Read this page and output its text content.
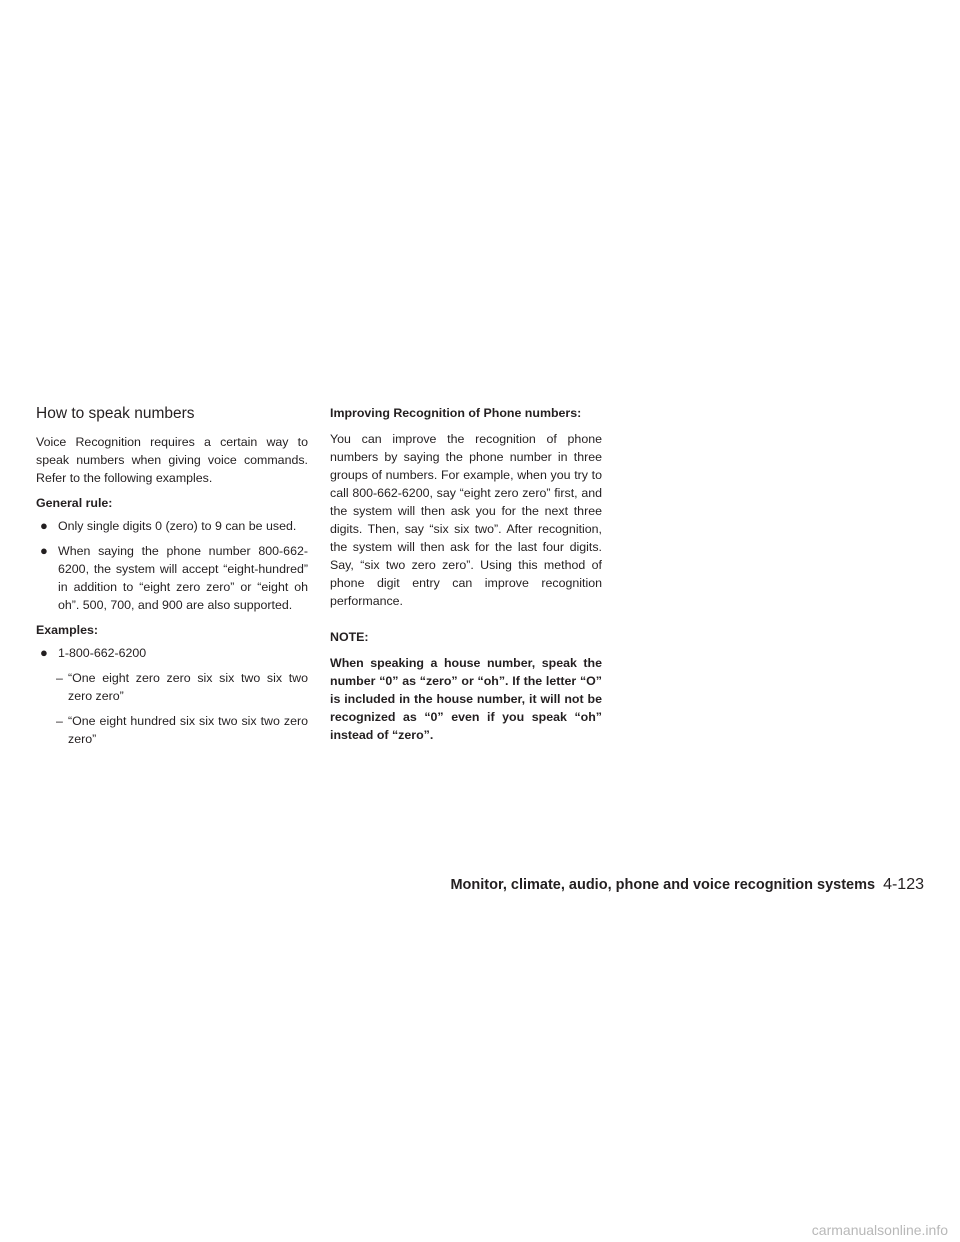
How to speak numbers

Voice Recognition requires a certain way to speak numbers when giving voice commands. Refer to the following examples.

General rule:
● Only single digits 0 (zero) to 9 can be used.
● When saying the phone number 800-662-6200, the system will accept “eight-hundred” in addition to “eight zero zero” or “eight oh oh”. 500, 700, and 900 are also supported.
Examples:
● 1-800-662-6200
– “One eight zero zero six six two six two zero zero”
– “One eight hundred six six two six two zero zero”
Improving Recognition of Phone numbers:

You can improve the recognition of phone numbers by saying the phone number in three groups of numbers. For example, when you try to call 800-662-6200, say “eight zero zero” first, and the system will then ask you for the next three digits. Then, say “six six two”. After recognition, the system will then ask for the last four digits. Say, “six two zero zero”. Using this method of phone digit entry can improve recognition performance.

NOTE:

When speaking a house number, speak the number “0” as “zero” or “oh”. If the letter “O” is included in the house number, it will not be recognized as “0” even if you speak “oh” instead of “zero”.

Monitor, climate, audio, phone and voice recognition systems 4-123
carmanualsonline.info
